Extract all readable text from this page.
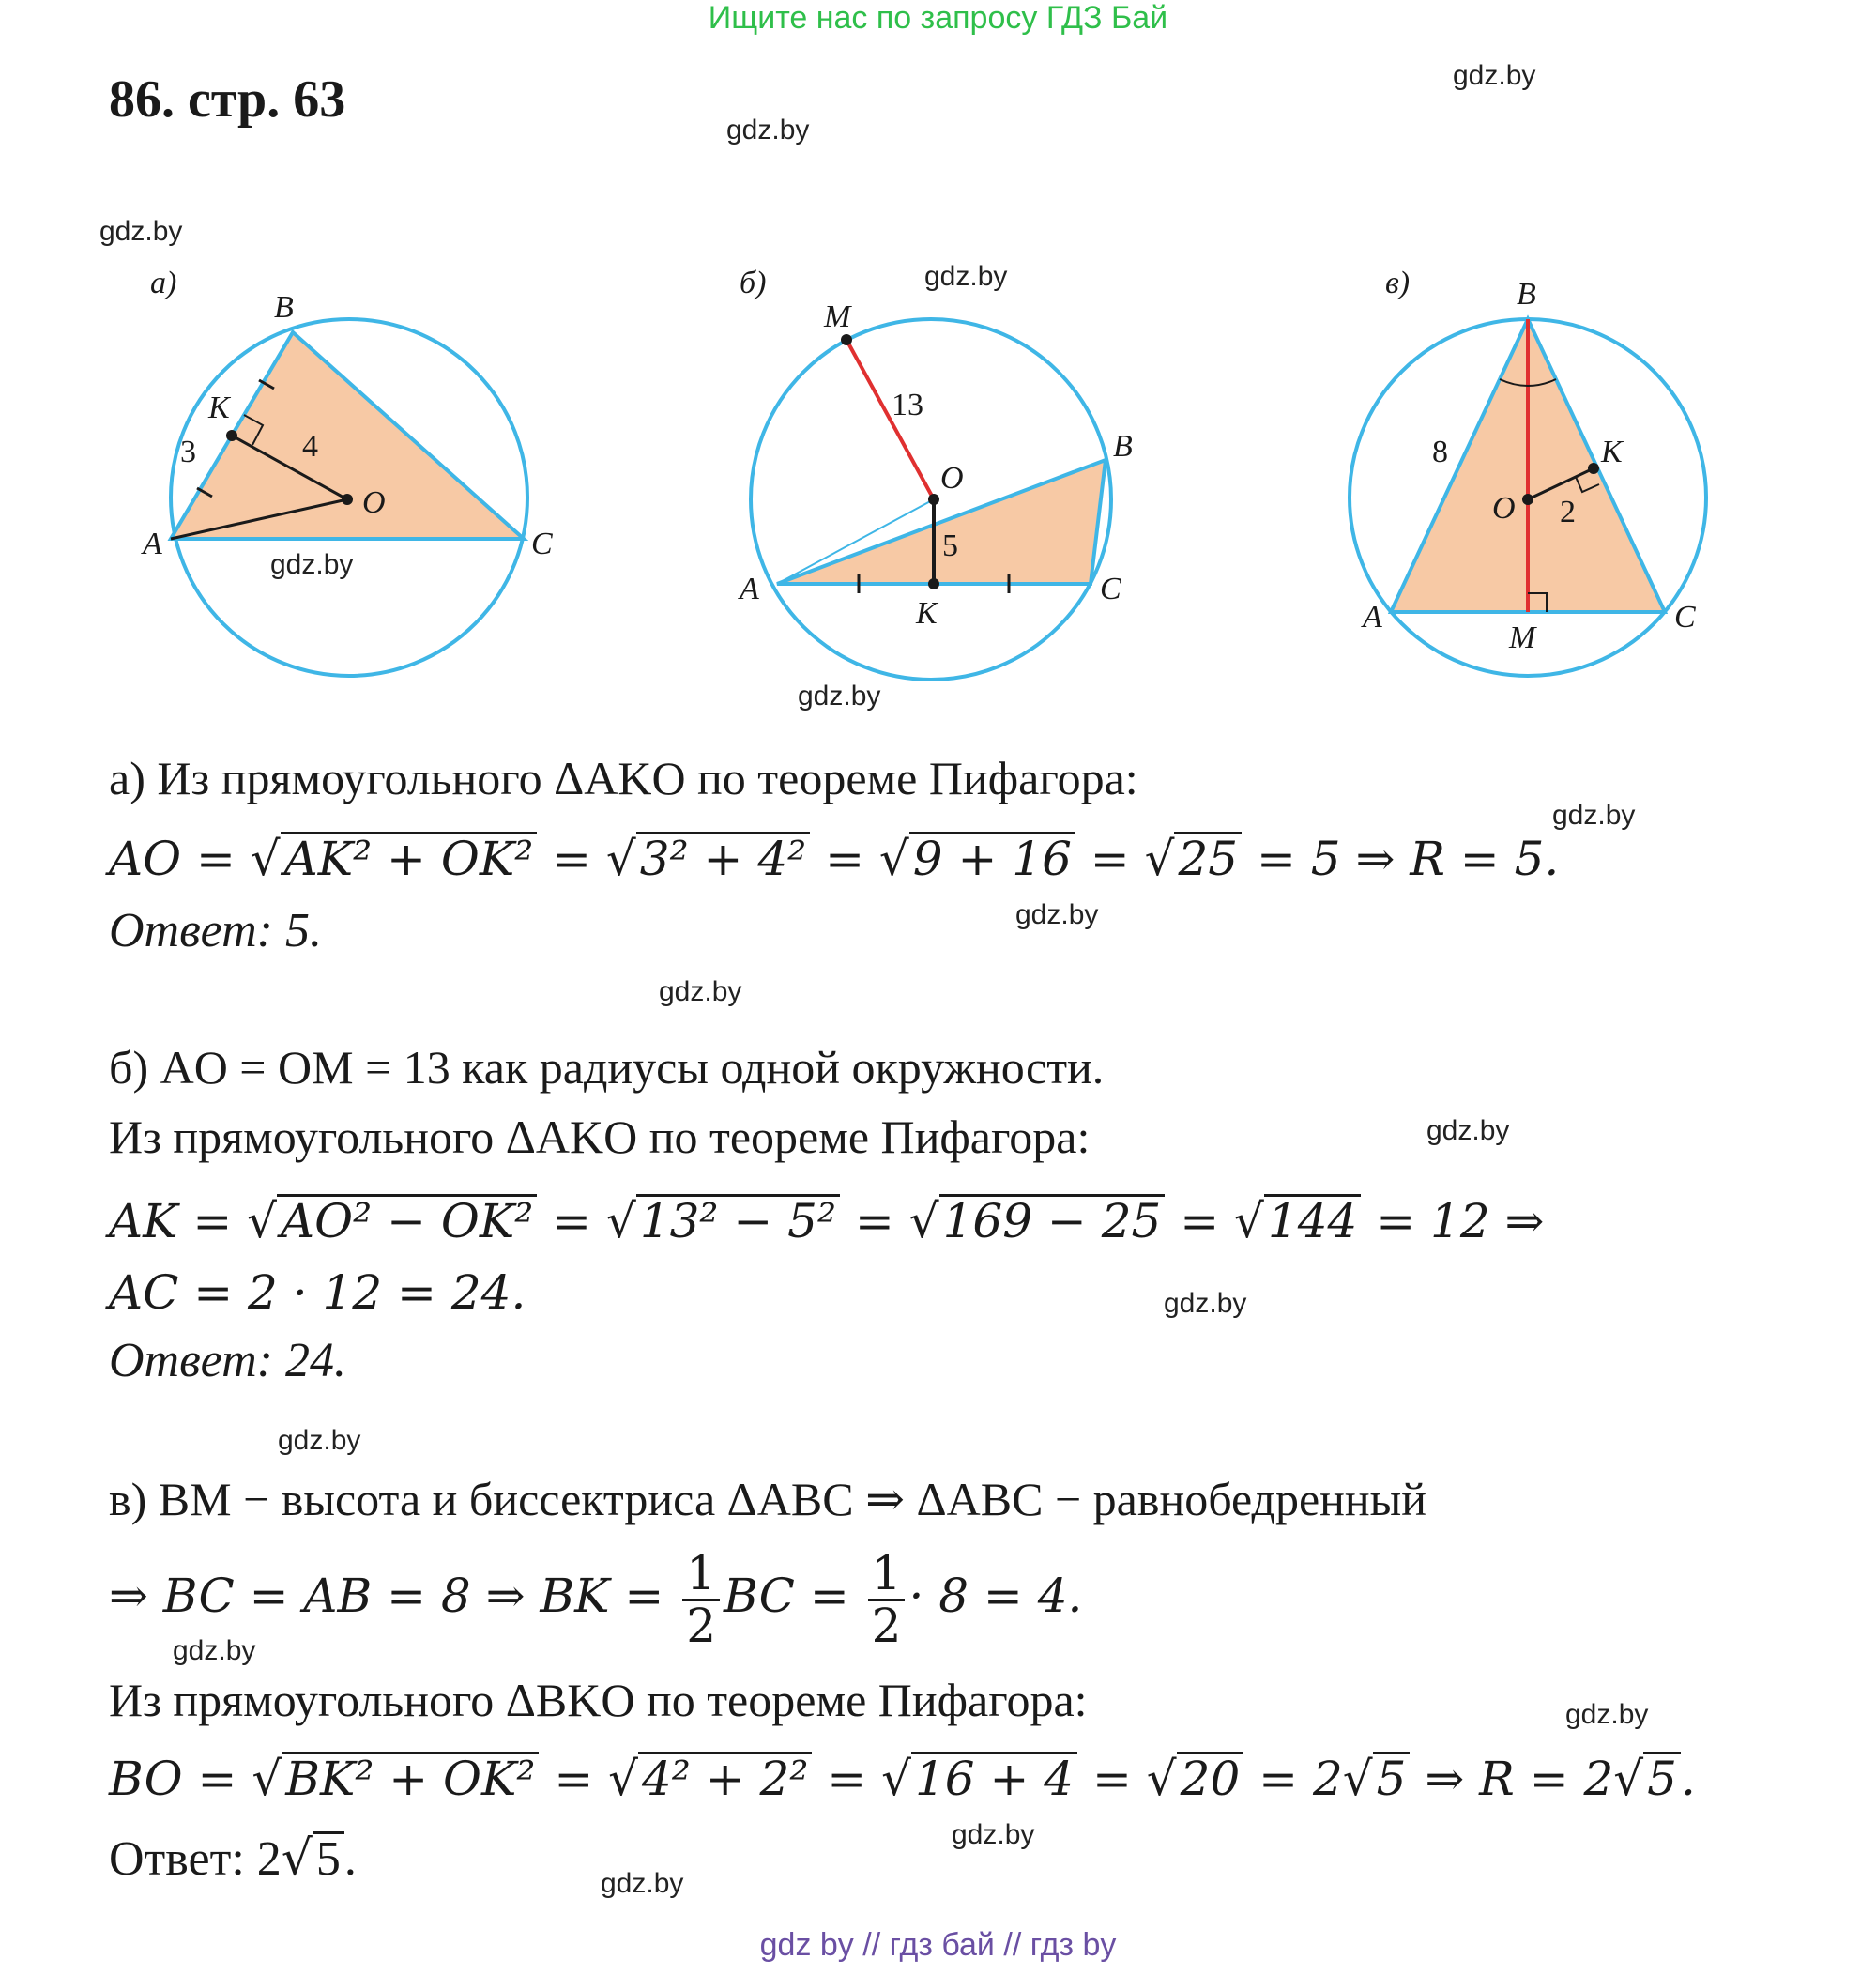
Ищите нас по запросу ГДЗ Бай
86. стр. 63	gdz.by
gdz.by
gdz.by
gdz.by
gdz.by
gdz.by
gdz.by
gdz.by
gdz.by
gdz.by
gdz.by
gdz.by
gdz.by
gdz.by
gdz.by
gdz.by
а)
B
K
A
O
C
3	4
б)
M
O
B
A
K
C
13
5
в)	B
K
O
A
M
C
8
2
а) Из прямоугольного ΔAKO по теореме Пифагора:
AO = √AK² + OK² = √3² + 4² = √9 + 16 = √25 = 5 ⇒ R = 5.
Ответ: 5.
б) AO = OM = 13 как радиусы одной окружности.
Из прямоугольного ΔAKO по теореме Пифагора:
AK = √AO² − OK² = √13² − 5² = √169 − 25 = √144 = 12 ⇒
AC = 2 · 12 = 24.
Ответ: 24.
в) BM − высота и биссектриса ΔABC ⇒ ΔABC − равнобедренный
⇒ BC = AB = 8 ⇒ BK = $\frac{1}{2}$ BC = $\frac{1}{2} \cdot 8 = 4$.
Из прямоугольного ΔBKO по теореме Пифагора:
BO = √BK² + OK² = √4² + 2² = √16 + 4 = √20 = 2√5 ⇒ R = 2√5.
Ответ: 2√5.
gdz by // гдз бай // гдз by
